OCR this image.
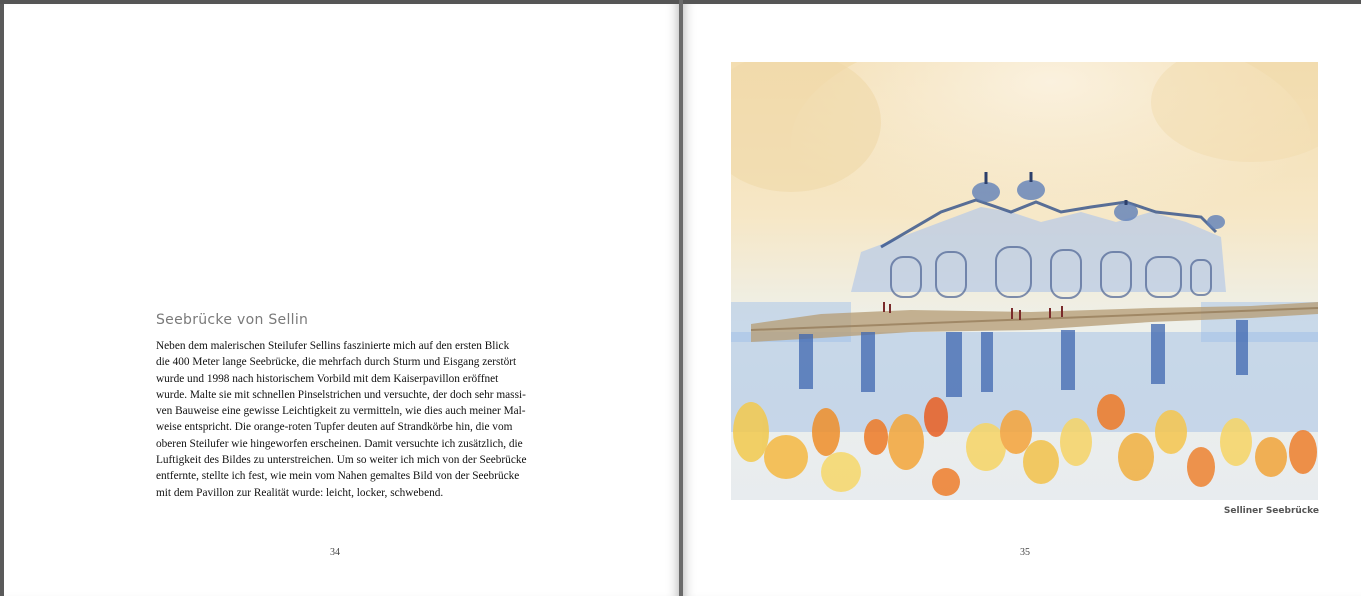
Seebrücke von Sellin

Neben dem malerischen Steilufer Sellins faszinierte mich auf den ersten Blick
die 400 Meter lange Seebrücke, die mehrfach durch Sturm und Eisgang zerstört
wurde und 1998 nach historischem Vorbild mit dem Kaiserpavillon eröffnet
wurde. Malte sie mit schnellen Pinselstrichen und versuchte, der doch sehr massi-
ven Bauweise eine gewisse Leichtigkeit zu vermitteln, wie dies auch meiner Mal-
weise entspricht. Die orange-roten Tupfer deuten auf Strandkörbe hin, die vom
oberen Steilufer wie hingeworfen erscheinen. Damit versuchte ich zusätzlich, die
Luftigkeit des Bildes zu unterstreichen. Um so weiter ich mich von der Seebrücke
entfernte, stellte ich fest, wie mein vom Nahen gemaltes Bild von der Seebrücke
mit dem Pavillon zur Realität wurde: leicht, locker, schwebend.

34
Selliner Seebrücke
35
